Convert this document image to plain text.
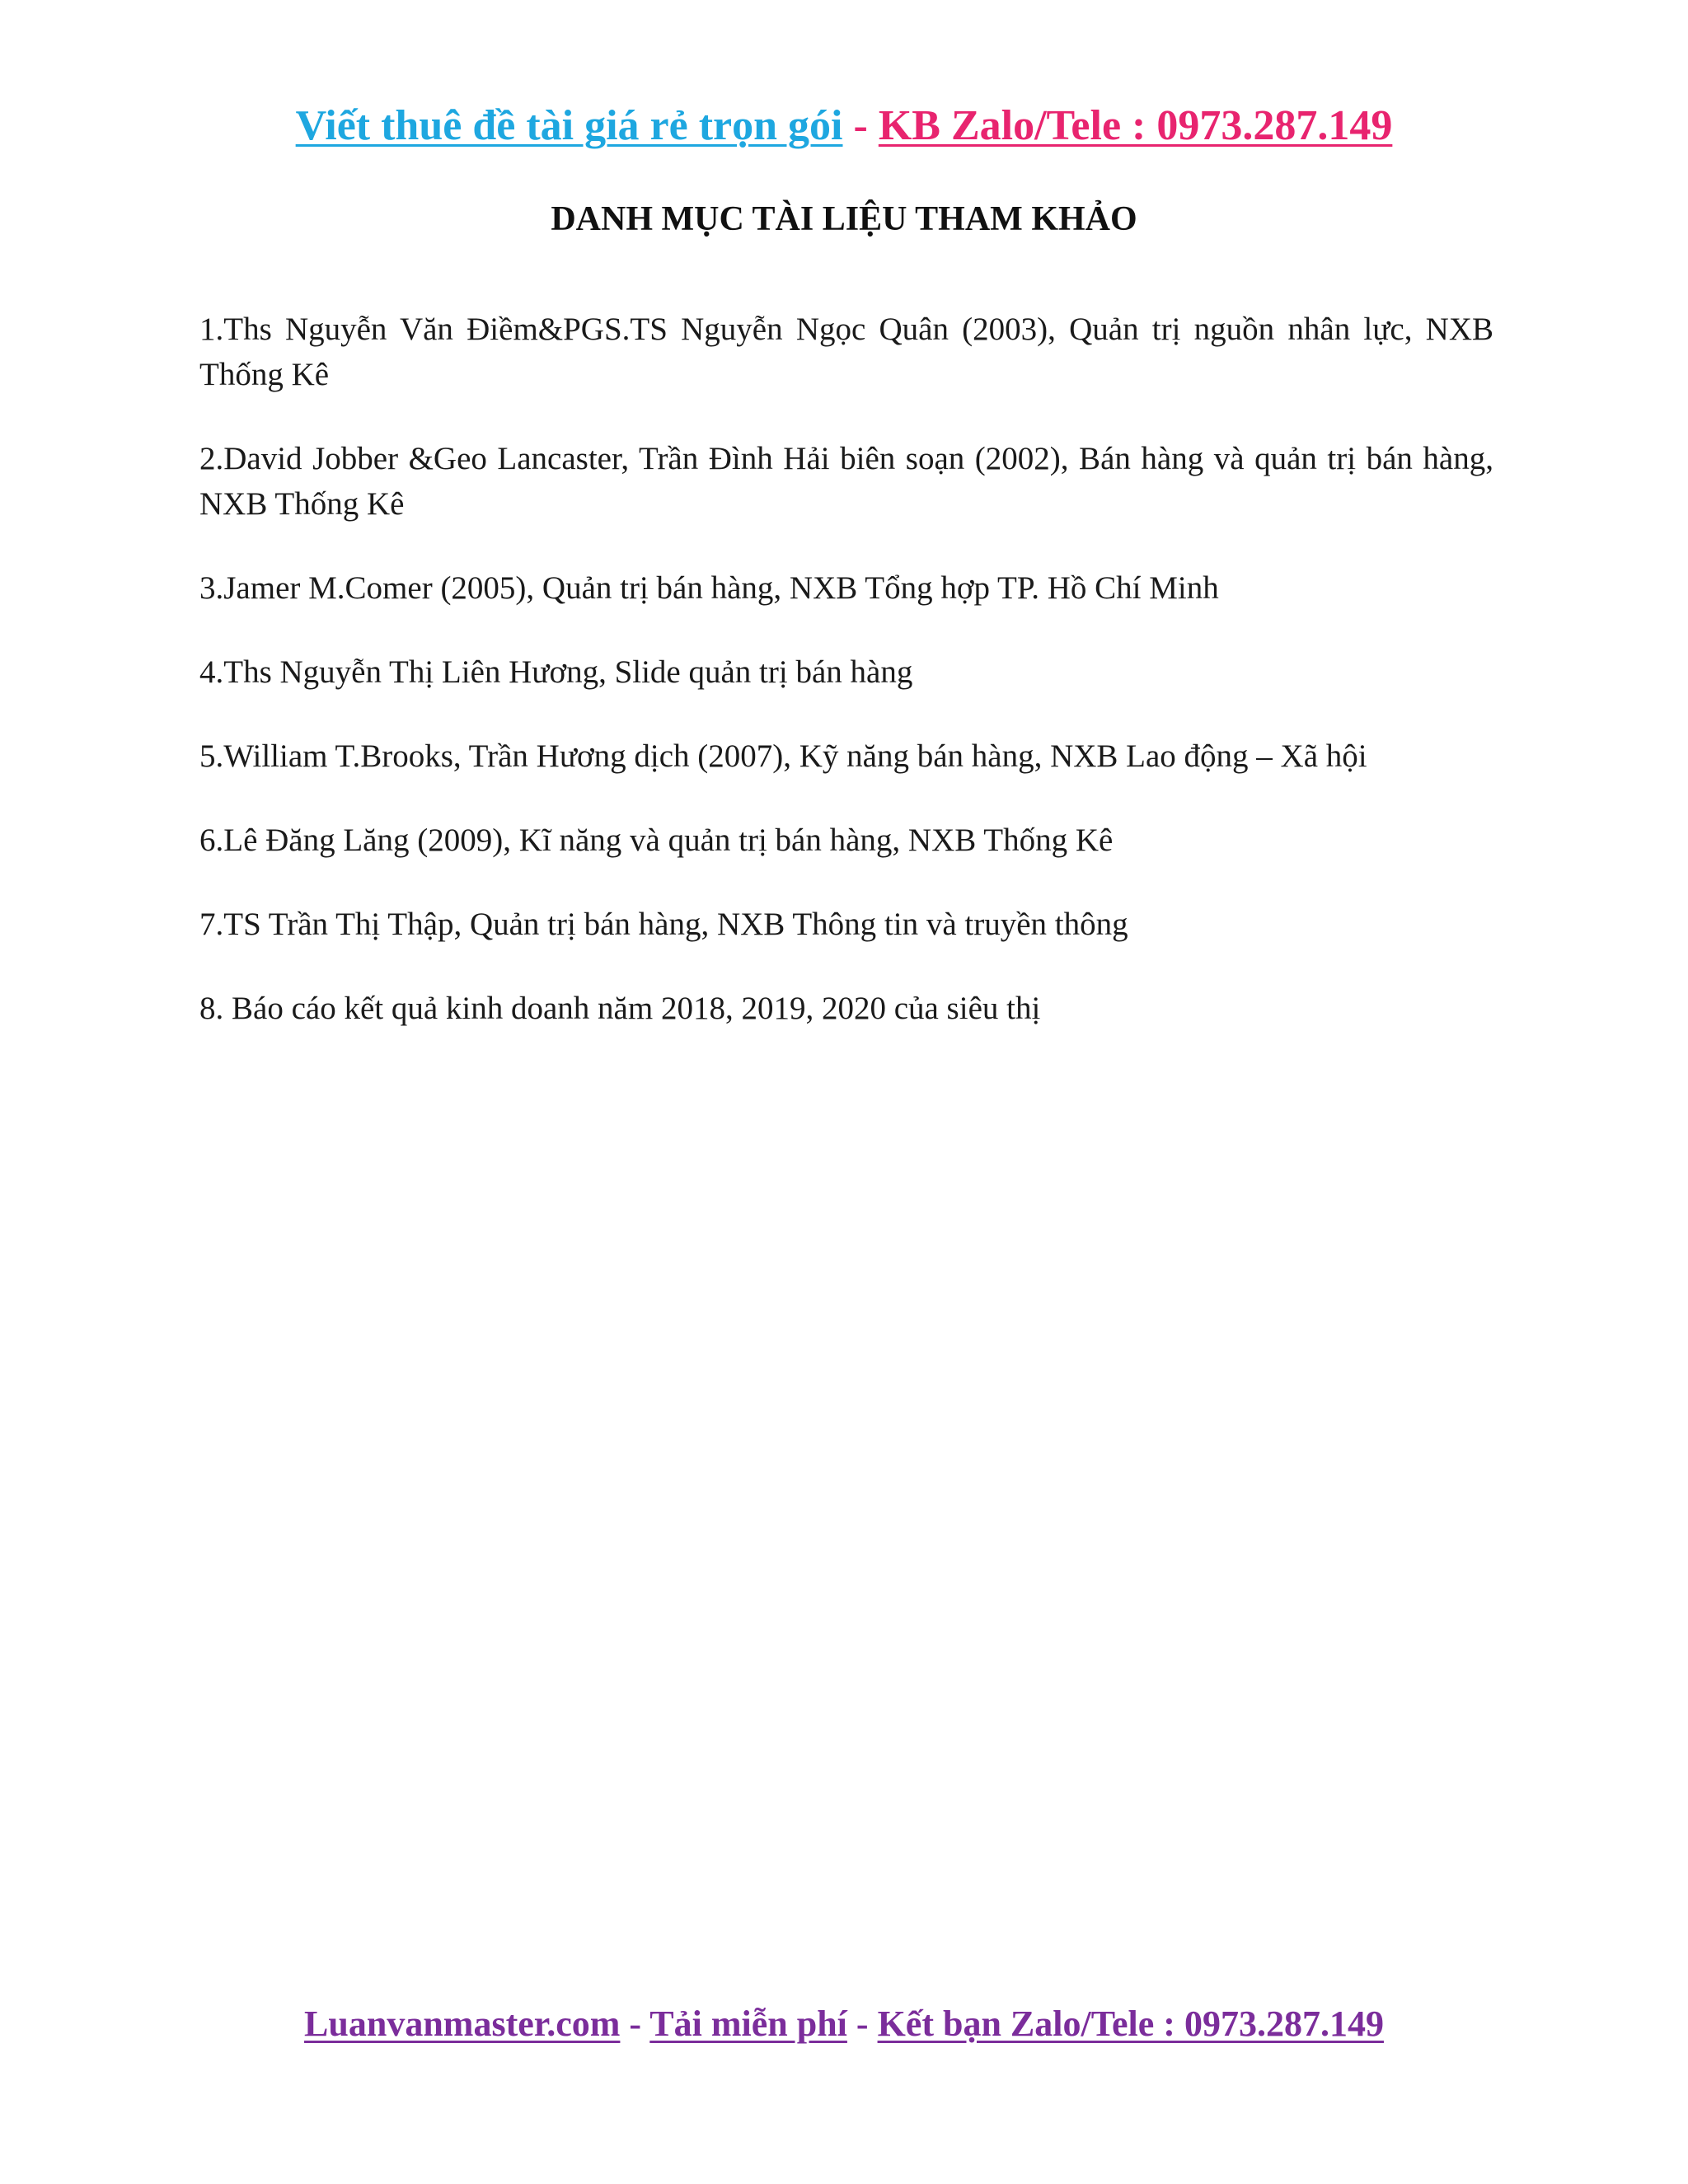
Viết thuê đề tài giá rẻ trọn gói - KB Zalo/Tele : 0973.287.149
DANH MỤC TÀI LIỆU THAM KHẢO
1.Ths Nguyễn Văn Điềm&PGS.TS Nguyễn Ngọc Quân (2003), Quản trị nguồn nhân lực, NXB Thống Kê
2.David Jobber &Geo Lancaster, Trần Đình Hải biên soạn (2002), Bán hàng và quản trị bán hàng, NXB Thống Kê
3.Jamer M.Comer (2005), Quản trị bán hàng, NXB Tổng hợp TP. Hồ Chí Minh
4.Ths Nguyễn Thị Liên Hương, Slide quản trị bán hàng
5.William T.Brooks, Trần Hương dịch (2007), Kỹ năng bán hàng, NXB Lao động – Xã hội
6.Lê Đăng Lăng (2009), Kĩ năng và quản trị bán hàng, NXB Thống Kê
7.TS Trần Thị Thập, Quản trị bán hàng, NXB Thông tin và truyền thông
8. Báo cáo kết quả kinh doanh năm 2018, 2019, 2020 của siêu thị
Luanvanmaster.com - Tải miễn phí - Kết bạn Zalo/Tele : 0973.287.149
